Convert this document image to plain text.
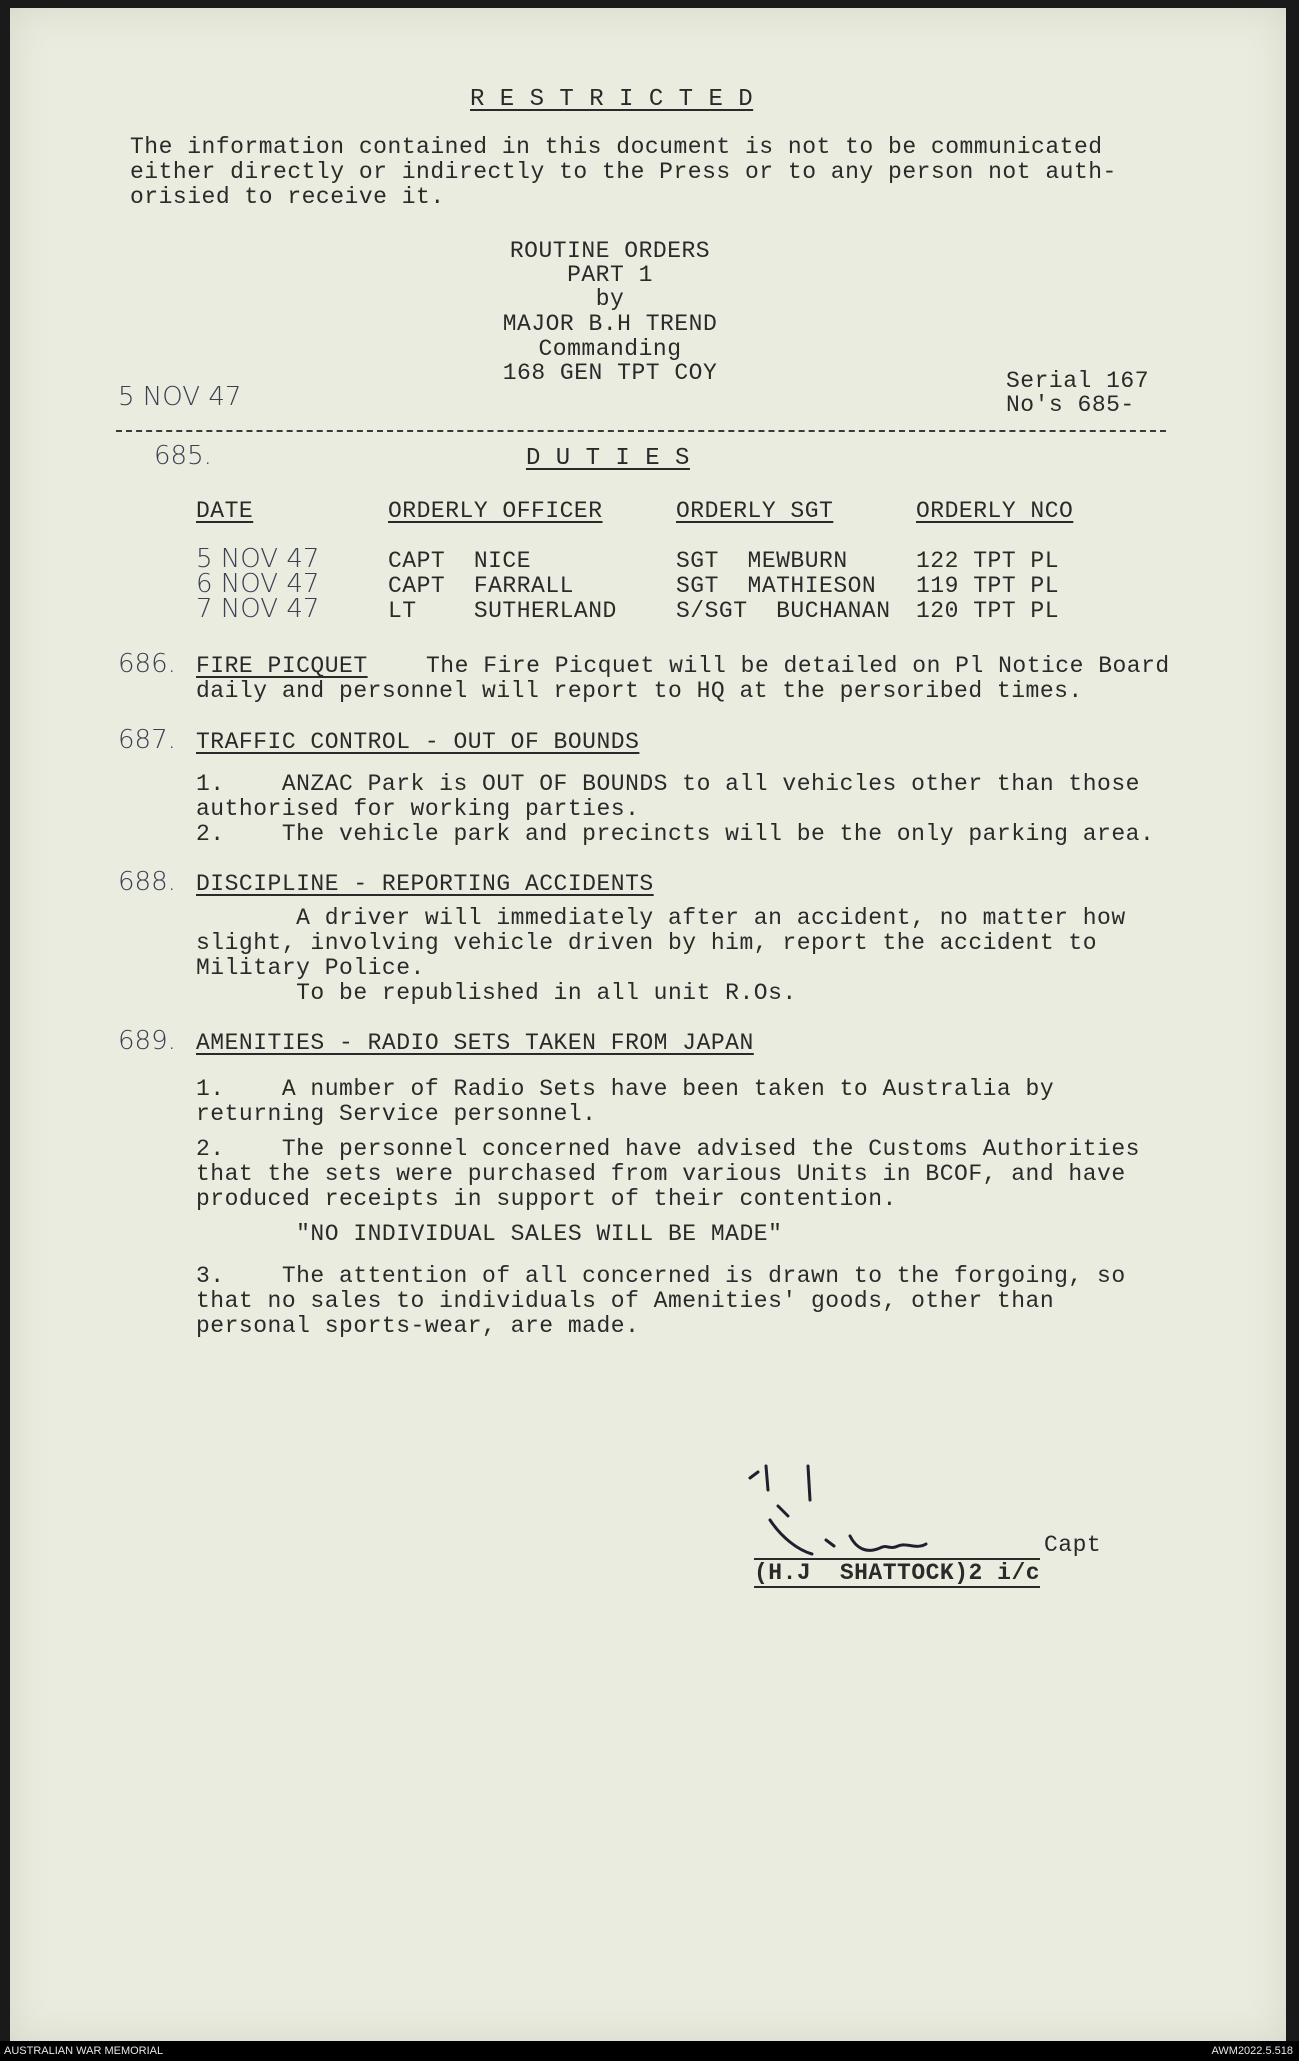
R E S T R I C T E D
The information contained in this document is not to be communicated
either directly or indirectly to the Press or to any person not auth-
orisied to receive it.
ROUTINE ORDERS
PART 1
by
MAJOR B.H TREND
Commanding
168 GEN TPT COY	Serial 167
No's 685-
5 NOV 47
685.	D U T I E S
DATE	ORDERLY OFFICER	ORDERLY SGT	ORDERLY NCO
5 NOV 47	CAPT  NICE	SGT  MEWBURN	122 TPT PL
6 NOV 47	CAPT  FARRALL	SGT  MATHIESON 119 TPT PL
7 NOV 47	LT    SUTHERLAND	S/SGT  BUCHANAN 120 TPT PL
686. FIRE PICQUET	The Fire Picquet will be detailed on Pl Notice Board
daily and personnel will report to HQ at the persoribed times.
687. TRAFFIC CONTROL - OUT OF BOUNDS
1.    ANZAC Park is OUT OF BOUNDS to all vehicles other than those
authorised for working parties.
2.    The vehicle park and precincts will be the only parking area.
688. DISCIPLINE - REPORTING ACCIDENTS
A driver will immediately after an accident, no matter how
slight, involving vehicle driven by him, report the accident to
Military Police.
To be republished in all unit R.Os.
689. AMENITIES - RADIO SETS TAKEN FROM JAPAN
1.    A number of Radio Sets have been taken to Australia by
returning Service personnel.
2.    The personnel concerned have advised the Customs Authorities
that the sets were purchased from various Units in BCOF, and have
produced receipts in support of their contention.
"NO INDIVIDUAL SALES WILL BE MADE"
3.    The attention of all concerned is drawn to the forgoing, so
that no sales to individuals of Amenities' goods, other than
personal sports-wear, are made.
Capt
(H.J  SHATTOCK)2 i/c
AUSTRALIAN WAR MEMORIAL	AWM2022.5.518
